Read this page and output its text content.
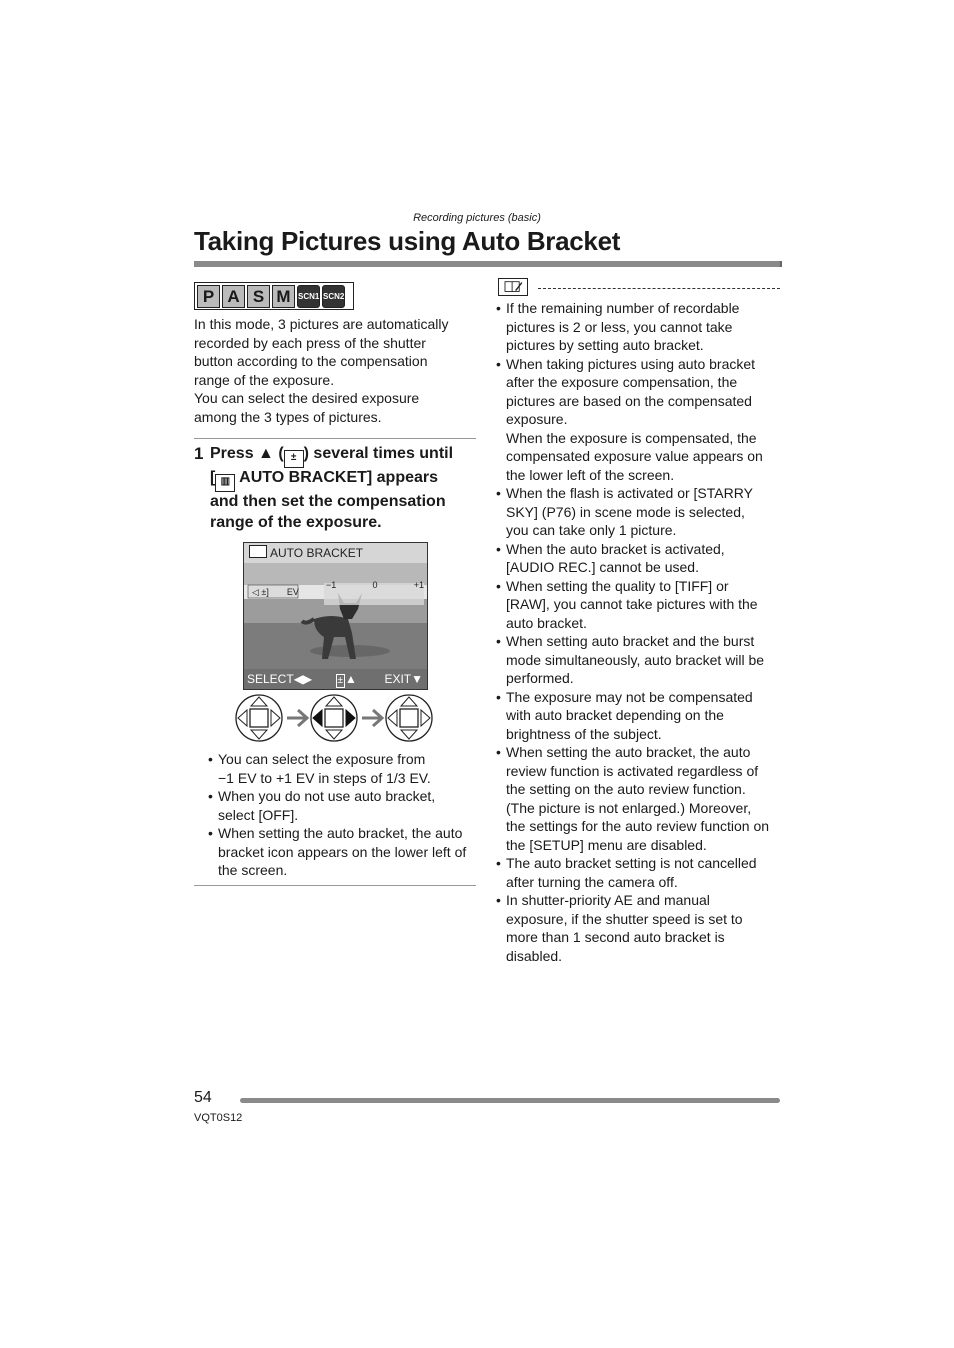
Recording pictures (basic)
Taking Pictures using Auto Bracket
P A S M SCN1 SCN2
In this mode, 3 pictures are automatically
recorded by each press of the shutter
button according to the compensation
range of the exposure.
You can select the desired exposure
among the 3 types of pictures.
1 Press ▲ ( ± ) several times until
[ ▥ AUTO BRACKET] appears
and then set the compensation
range of the exposure.
AUTO BRACKET
◁ ±] EV
−1	0	+1
SELECT◀▶	± ▲ EXIT▼
• You can select the exposure from
−1 EV to +1 EV in steps of 1/3 EV.
• When you do not use auto bracket,
select [OFF].
• When setting the auto bracket, the auto
bracket icon appears on the lower left of
the screen.
• If the remaining number of recordable
pictures is 2 or less, you cannot take
pictures by setting auto bracket.
• When taking pictures using auto bracket
after the exposure compensation, the
pictures are based on the compensated
exposure.
When the exposure is compensated, the
compensated exposure value appears on
the lower left of the screen.
• When the flash is activated or [STARRY
SKY] (P76) in scene mode is selected,
you can take only 1 picture.
• When the auto bracket is activated,
[AUDIO REC.] cannot be used.
• When setting the quality to [TIFF] or
[RAW], you cannot take pictures with the
auto bracket.
• When setting auto bracket and the burst
mode simultaneously, auto bracket will be
performed.
• The exposure may not be compensated
with auto bracket depending on the
brightness of the subject.
• When setting the auto bracket, the auto
review function is activated regardless of
the setting on the auto review function.
(The picture is not enlarged.) Moreover,
the settings for the auto review function on
the [SETUP] menu are disabled.
• The auto bracket setting is not cancelled
after turning the camera off.
• In shutter-priority AE and manual
exposure, if the shutter speed is set to
more than 1 second auto bracket is
disabled.
54
VQT0S12
